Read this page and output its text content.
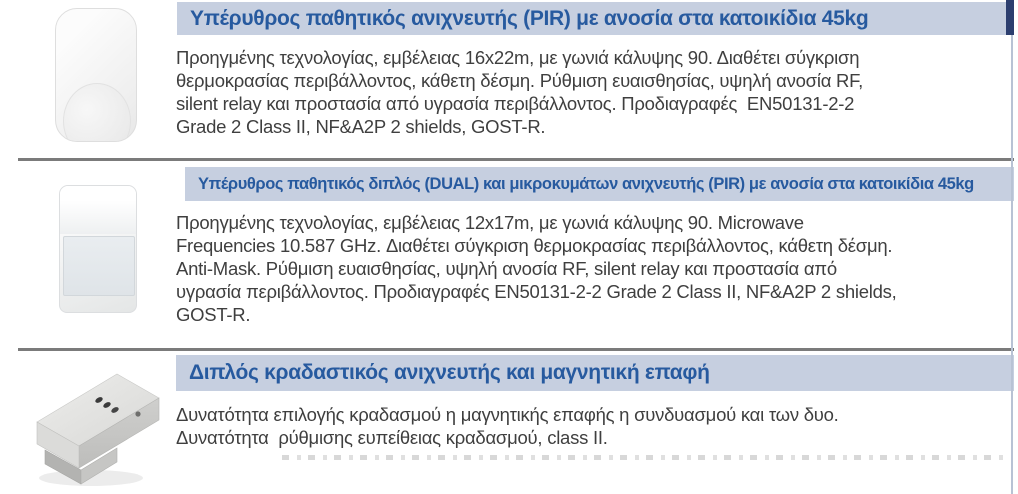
Υπέρυθρος παθητικός ανιχνευτής (PIR) με ανοσία στα κατοικίδια 45kg
Προηγμένης τεχνολογίας, εμβέλειας 16x22m, με γωνιά κάλυψης 90. Διαθέτει σύγκριση
θερμοκρασίας περιβάλλοντος, κάθετη δέσμη. Ρύθμιση ευαισθησίας, υψηλή ανοσία RF,
silent relay και προστασία από υγρασία περιβάλλοντος. Προδιαγραφές  EN50131-2-2
Grade 2 Class II, NF&A2P 2 shields, GOST-R.
Υπέρυθρος παθητικός διπλός (DUAL) και μικροκυμάτων ανιχνευτής (PIR) με ανοσία στα κατοικίδια 45kg
Προηγμένης τεχνολογίας, εμβέλειας 12x17m, με γωνιά κάλυψης 90. Microwave
Frequencies 10.587 GHz. Διαθέτει σύγκριση θερμοκρασίας περιβάλλοντος, κάθετη δέσμη.
Anti-Mask. Ρύθμιση ευαισθησίας, υψηλή ανοσία RF, silent relay και προστασία από
υγρασία περιβάλλοντος. Προδιαγραφές EN50131-2-2 Grade 2 Class II, NF&A2P 2 shields,
GOST-R.
Διπλός κραδαστικός ανιχνευτής και μαγνητική επαφή
Δυνατότητα επιλογής κραδασμού η μαγνητικής επαφής η συνδυασμού και των δυο.
Δυνατότητα  ρύθμισης ευπείθειας κραδασμού, class II.
